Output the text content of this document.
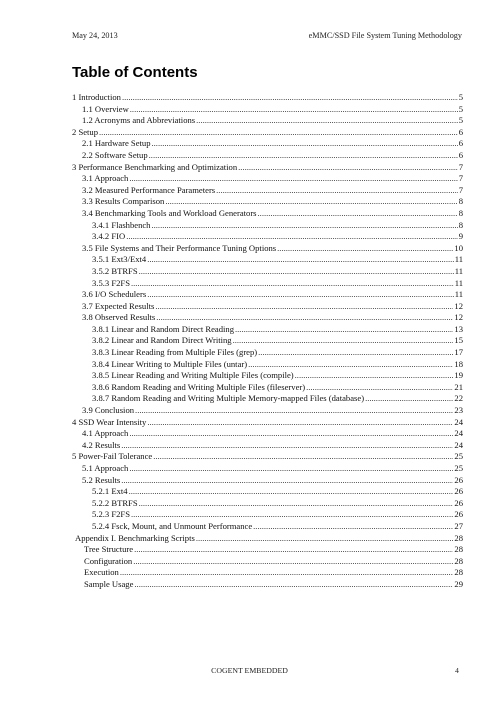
May 24, 2013	eMMC/SSD File System Tuning Methodology
Table of Contents
1 Introduction .....	5
1.1 Overview .....	5
1.2 Acronyms and Abbreviations .....	5
2 Setup .....	6
2.1 Hardware Setup .....	6
2.2 Software Setup .....	6
3 Performance Benchmarking and Optimization .....	7
3.1 Approach .....	7
3.2 Measured Performance Parameters .....	7
3.3 Results Comparison .....	8
3.4 Benchmarking Tools and Workload Generators .....	8
3.4.1 Flashbench .....	8
3.4.2 FIO .....	9
3.5 File Systems and Their Performance Tuning Options .....	10
3.5.1 Ext3/Ext4 .....	11
3.5.2 BTRFS .....	11
3.5.3 F2FS .....	11
3.6 I/O Schedulers .....	11
3.7 Expected Results .....	12
3.8 Observed Results .....	12
3.8.1 Linear and Random Direct Reading .....	13
3.8.2 Linear and Random Direct Writing .....	15
3.8.3 Linear Reading from Multiple Files (grep) .....	17
3.8.4 Linear Writing to Multiple Files (untar) .....	18
3.8.5 Linear Reading and Writing Multiple Files (compile) .....	19
3.8.6 Random Reading and Writing Multiple Files (fileserver) .....	21
3.8.7 Random Reading and Writing Multiple Memory-mapped Files (database) .....	22
3.9 Conclusion .....	23
4 SSD Wear Intensity .....	24
4.1 Approach .....	24
4.2 Results .....	24
5 Power-Fail Tolerance .....	25
5.1 Approach .....	25
5.2 Results .....	26
5.2.1 Ext4 .....	26
5.2.2 BTRFS .....	26
5.2.3 F2FS .....	26
5.2.4 Fsck, Mount, and Unmount Performance .....	27
Appendix I. Benchmarking Scripts .....	28
Tree Structure .....	28
Configuration .....	28
Execution .....	28
Sample Usage .....	29
COGENT EMBEDDED	4
